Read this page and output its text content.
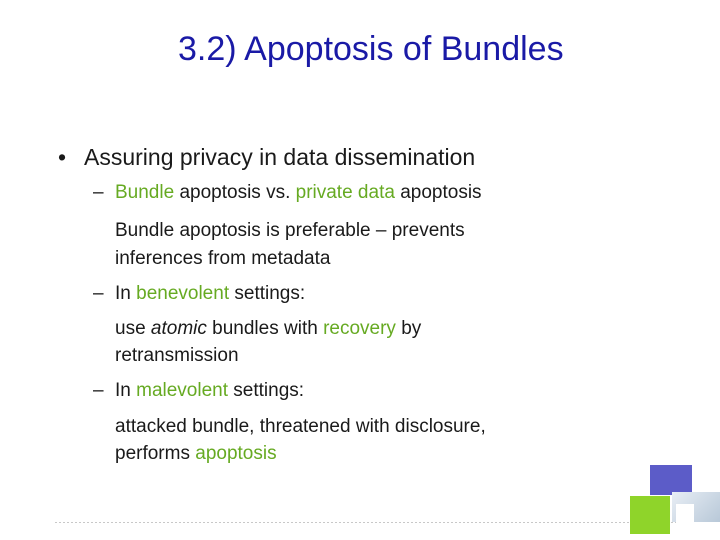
3.2) Apoptosis of Bundles
• Assuring privacy in data dissemination
– Bundle apoptosis vs. private data apoptosis
Bundle apoptosis is preferable – prevents
inferences from metadata
– In benevolent settings:
use atomic bundles with recovery by
retransmission
– In malevolent settings:
attacked bundle, threatened with disclosure,
performs apoptosis
